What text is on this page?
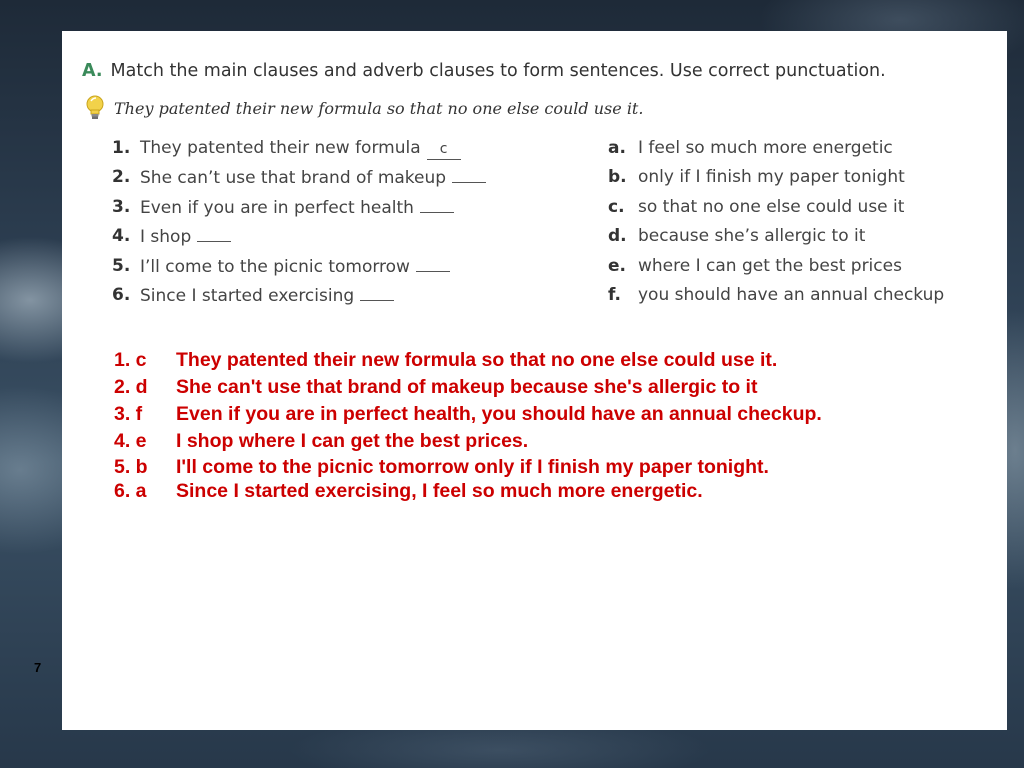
A. Match the main clauses and adverb clauses to form sentences. Use correct punctuation.
They patented their new formula so that no one else could use it.
1. They patented their new formula c	a. I feel so much more energetic
2. She can’t use that brand of makeup	b. only if I finish my paper tonight
3. Even if you are in perfect health	c. so that no one else could use it
4. I shop	d. because she’s allergic to it
5. I’ll come to the picnic tomorrow	e. where I can get the best prices
6. Since I started exercising	f. you should have an annual checkup
1. c They patented their new formula so that no one else could use it.
2. d She can't use that brand of makeup because she's allergic to it
3. f Even if you are in perfect health, you should have an annual checkup.
4. e I shop where I can get the best prices.
5. b I'll come to the picnic tomorrow only if I finish my paper tonight.
6. a Since I started exercising, I feel so much more energetic.
7
